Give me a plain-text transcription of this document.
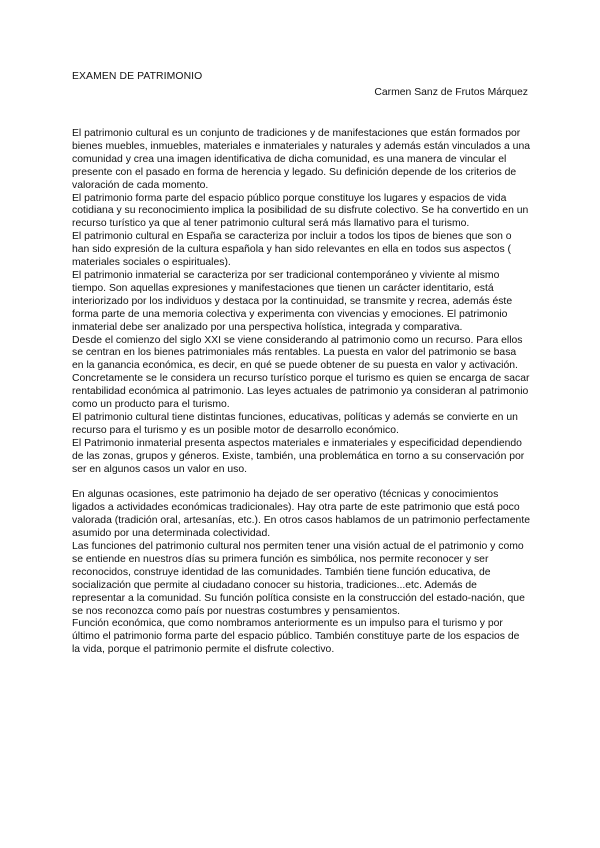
EXAMEN DE PATRIMONIO
Carmen Sanz de Frutos Márquez

El patrimonio cultural es un conjunto de tradiciones y de manifestaciones que están formados por bienes muebles, inmuebles, materiales e inmateriales y naturales y además están vinculados a una comunidad y crea una imagen identificativa de dicha comunidad, es una manera de vincular el presente con el pasado en forma de herencia y legado. Su definición depende de los criterios de valoración de cada momento.

El patrimonio forma parte del espacio público porque constituye los lugares y espacios de vida cotidiana y su reconocimiento implica la posibilidad de su disfrute colectivo. Se ha convertido en un recurso turístico ya que al tener patrimonio cultural será más llamativo para el turismo.

El patrimonio cultural en España se caracteriza por incluir a todos los tipos de bienes que son o han sido expresión de la cultura española y han sido relevantes en ella en todos sus aspectos ( materiales sociales o espirituales).

El patrimonio inmaterial se caracteriza por ser tradicional contemporáneo y viviente al mismo tiempo. Son aquellas expresiones y manifestaciones que tienen un carácter identitario, está interiorizado por los individuos y destaca por la continuidad, se transmite y recrea, además éste forma parte de una memoria colectiva y experimenta con vivencias y emociones. El patrimonio inmaterial debe ser analizado por una perspectiva holística, integrada y comparativa.

Desde el comienzo del siglo XXI se viene considerando al patrimonio como un recurso. Para ellos se centran en los bienes patrimoniales más rentables. La puesta en valor del patrimonio se basa en la ganancia económica, es decir, en qué se puede obtener de su puesta en valor y activación. Concretamente se le considera un recurso turístico porque el turismo es quien se encarga de sacar rentabilidad económica al patrimonio. Las leyes actuales de patrimonio ya consideran al patrimonio como un producto para el turismo.

El patrimonio cultural tiene distintas funciones, educativas, políticas y además se convierte en un recurso para el turismo y es un posible motor de desarrollo económico.

El Patrimonio inmaterial presenta aspectos materiales e inmateriales y especificidad dependiendo de las zonas, grupos y géneros. Existe, también, una problemática en torno a su conservación por ser en algunos casos un valor en uso.

En algunas ocasiones, este patrimonio ha dejado de ser operativo (técnicas y conocimientos ligados a actividades económicas tradicionales). Hay otra parte de este patrimonio que está poco valorada (tradición oral, artesanías, etc.). En otros casos hablamos de un patrimonio perfectamente asumido por una determinada colectividad.

Las funciones del patrimonio cultural nos permiten tener una visión actual de el patrimonio y como se entiende en nuestros días su primera función es simbólica, nos permite reconocer y ser reconocidos, construye identidad de las comunidades. También tiene función educativa, de socialización que permite al ciudadano conocer su historia, tradiciones...etc. Además de representar a la comunidad. Su función política consiste en la construcción del estado-nación, que se nos reconozca como país por nuestras costumbres y pensamientos.

Función económica, que como nombramos anteriormente es un impulso para el turismo y por último el patrimonio forma parte del espacio público. También constituye parte de los espacios de la vida, porque el patrimonio permite el disfrute colectivo.
